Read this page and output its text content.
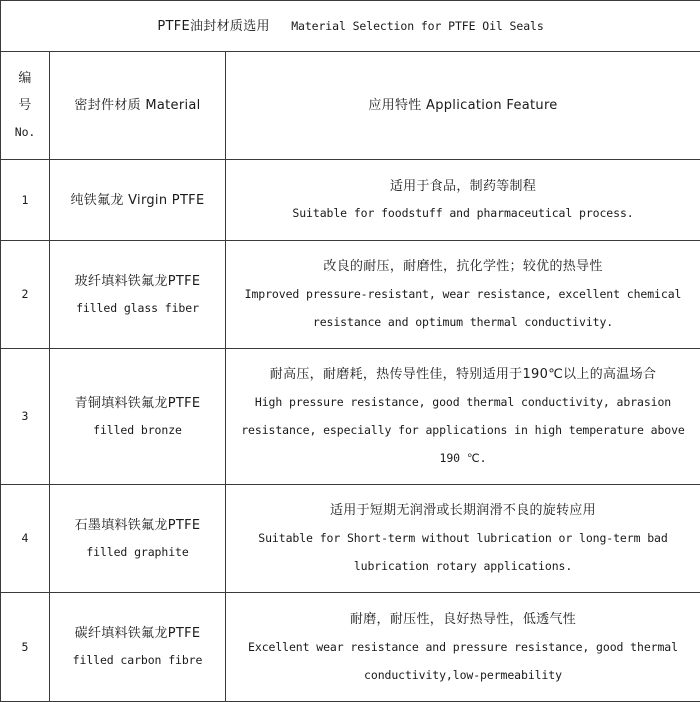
PTFE油封材质选用 Material Selection for PTFE Oil Seals		

编
号
No.	密封件材质 Material	应用特性 Application Feature
1	纯铁氟龙 Virgin PTFE	适用于食品，制药等制程
Suitable for foodstuff and pharmaceutical process.

2	玻纤填料铁氟龙PTFE
filled glass fiber	改良的耐压，耐磨性，抗化学性；较优的热导性
Improved pressure-resistant, wear resistance, excellent chemical resistance and optimum thermal conductivity.

3	青铜填料铁氟龙PTFE
filled bronze	耐高压，耐磨耗，热传导性佳，特别适用于190℃以上的高温场合
High pressure resistance, good thermal conductivity, abrasion resistance, especially for applications in high temperature above 190 ℃.

4	石墨填料铁氟龙PTFE
filled graphite	适用于短期无润滑或长期润滑不良的旋转应用
Suitable for Short-term without lubrication or long-term bad lubrication rotary applications.

5	碳纤填料铁氟龙PTFE
filled carbon fibre	耐磨，耐压性，良好热导性，低透气性
Excellent wear resistance and pressure resistance, good thermal conductivity,low-permeability
